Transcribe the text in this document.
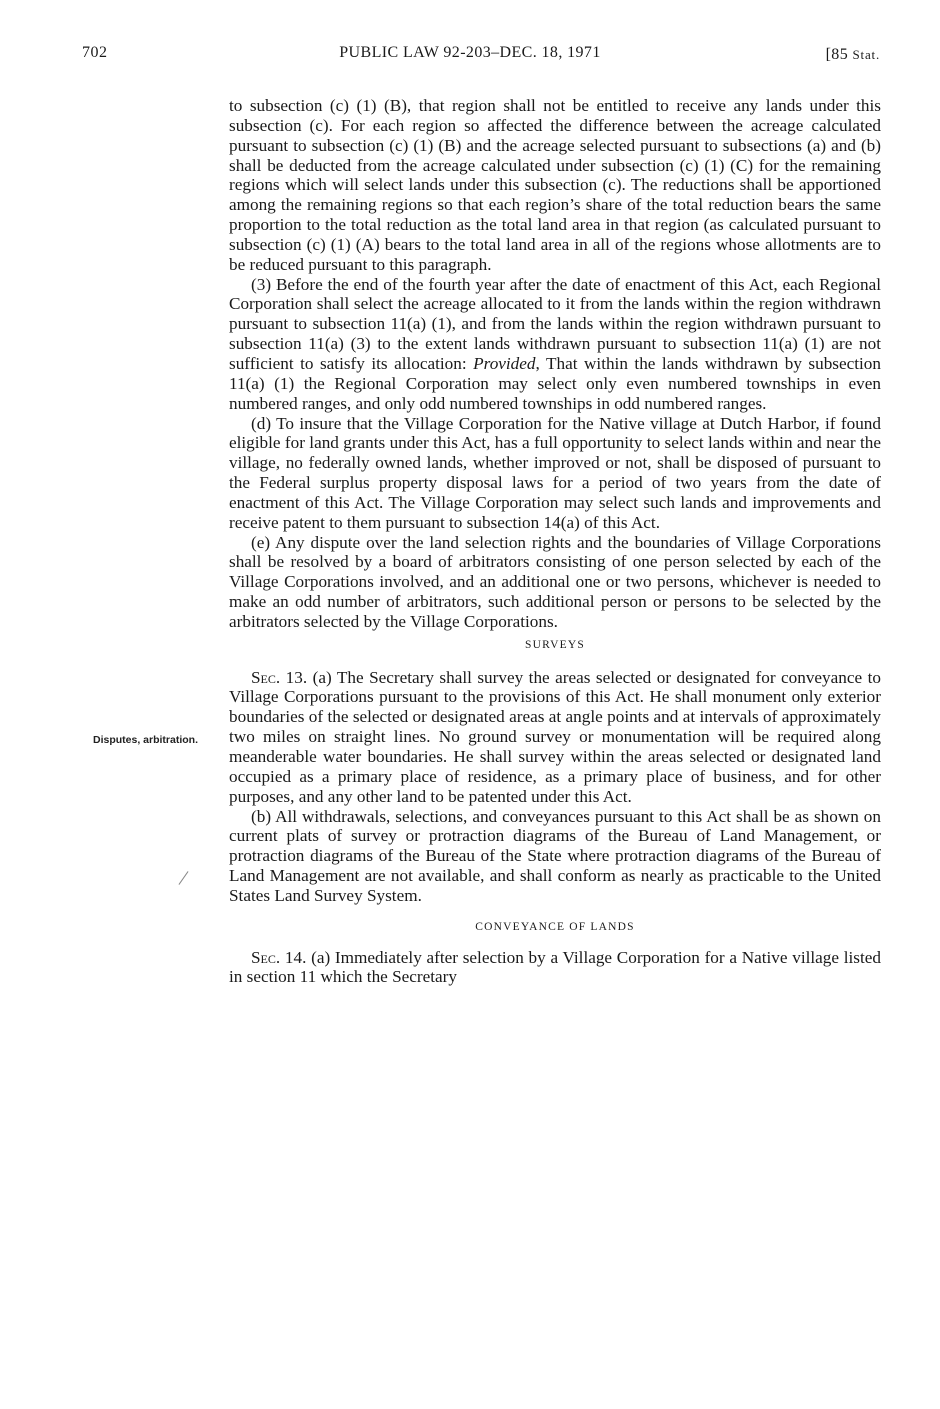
702	PUBLIC LAW 92-203–DEC. 18, 1971	[85 Stat.
Disputes, arbitration.

to subsection (c) (1) (B), that region shall not be entitled to receive any lands under this subsection (c). For each region so affected the difference between the acreage calculated pursuant to subsection (c) (1) (B) and the acreage selected pursuant to subsections (a) and (b) shall be deducted from the acreage calculated under subsection (c) (1) (C) for the remaining regions which will select lands under this subsection (c). The reductions shall be apportioned among the remaining regions so that each region’s share of the total reduction bears the same proportion to the total reduction as the total land area in that region (as calculated pursuant to subsection (c) (1) (A) bears to the total land area in all of the regions whose allotments are to be reduced pursuant to this paragraph.

(3) Before the end of the fourth year after the date of enactment of this Act, each Regional Corporation shall select the acreage allocated to it from the lands within the region withdrawn pursuant to subsection 11(a) (1), and from the lands within the region withdrawn pursuant to subsection 11(a) (3) to the extent lands withdrawn pursuant to subsection 11(a) (1) are not sufficient to satisfy its allocation: Provided, That within the lands withdrawn by subsection 11(a) (1) the Regional Corporation may select only even numbered townships in even numbered ranges, and only odd numbered townships in odd numbered ranges.

(d) To insure that the Village Corporation for the Native village at Dutch Harbor, if found eligible for land grants under this Act, has a full opportunity to select lands within and near the village, no federally owned lands, whether improved or not, shall be disposed of pursuant to the Federal surplus property disposal laws for a period of two years from the date of enactment of this Act. The Village Corporation may select such lands and improvements and receive patent to them pursuant to subsection 14(a) of this Act.

(e) Any dispute over the land selection rights and the boundaries of Village Corporations shall be resolved by a board of arbitrators consisting of one person selected by each of the Village Corporations involved, and an additional one or two persons, whichever is needed to make an odd number of arbitrators, such additional person or persons to be selected by the arbitrators selected by the Village Corporations.

SURVEYS

Sec. 13. (a) The Secretary shall survey the areas selected or designated for conveyance to Village Corporations pursuant to the provisions of this Act. He shall monument only exterior boundaries of the selected or designated areas at angle points and at intervals of approximately two miles on straight lines. No ground survey or monumentation will be required along meanderable water boundaries. He shall survey within the areas selected or designated land occupied as a primary place of residence, as a primary place of business, and for other purposes, and any other land to be patented under this Act.

(b) All withdrawals, selections, and conveyances pursuant to this Act shall be as shown on current plats of survey or protraction diagrams of the Bureau of Land Management, or protraction diagrams of the Bureau of the State where protraction diagrams of the Bureau of Land Management are not available, and shall conform as nearly as practicable to the United States Land Survey System.

CONVEYANCE OF LANDS

Sec. 14. (a) Immediately after selection by a Village Corporation for a Native village listed in section 11 which the Secretary
